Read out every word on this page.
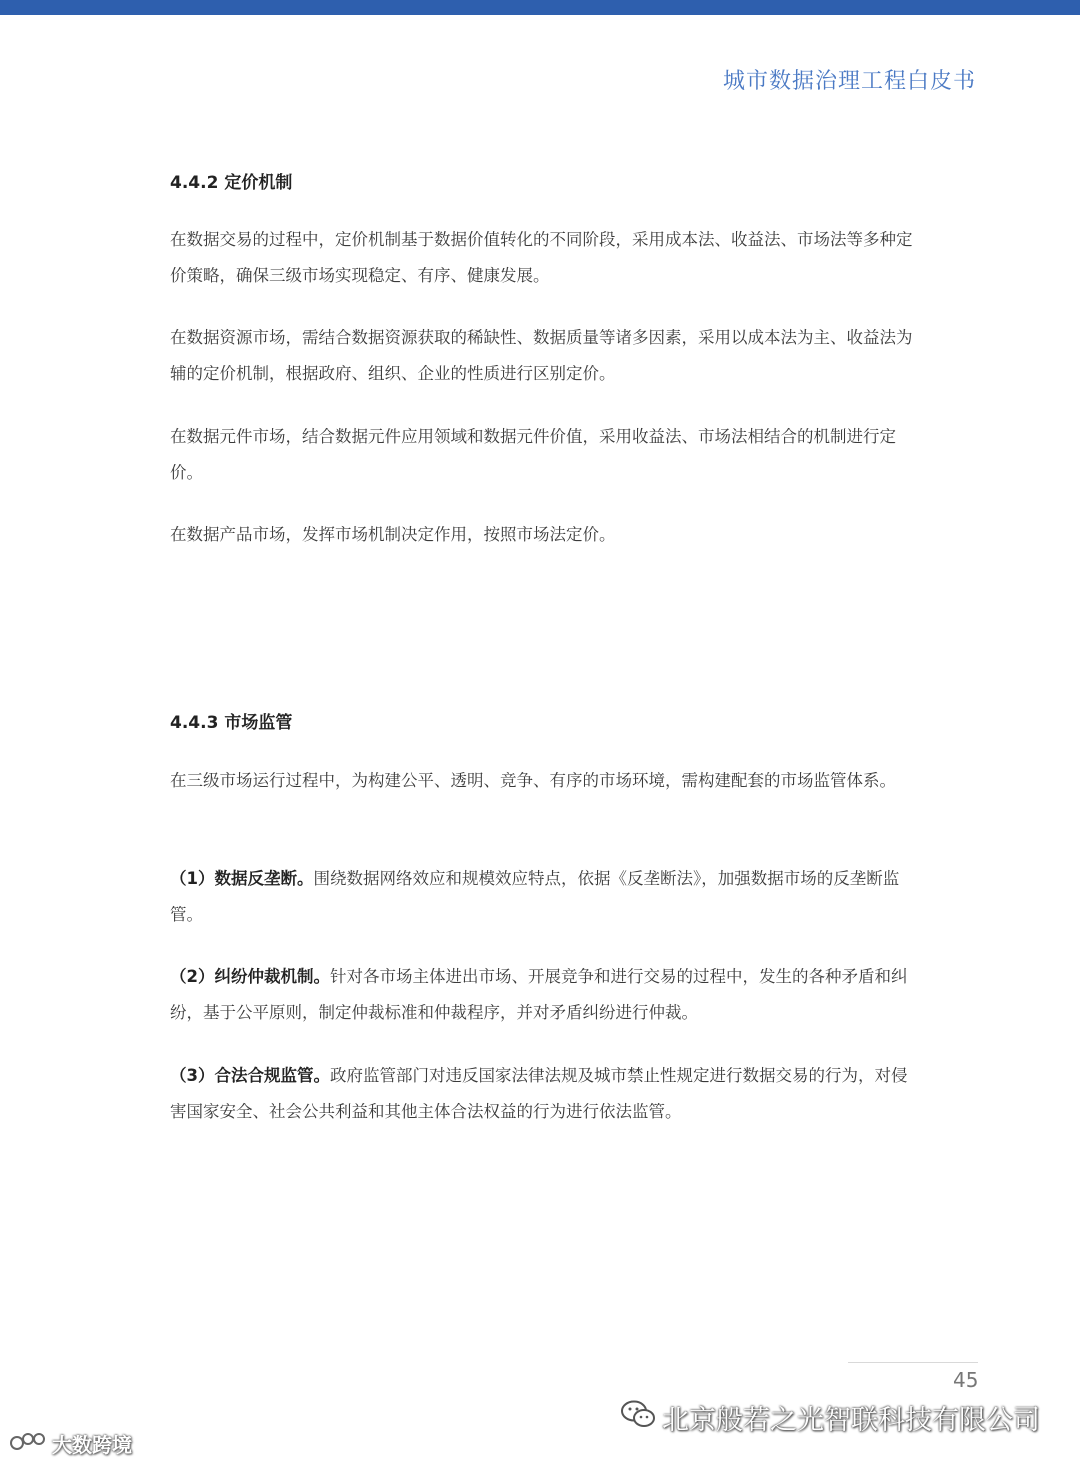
城市数据治理工程白皮书
4.4.2 定价机制

在数据交易的过程中，定价机制基于数据价值转化的不同阶段，采用成本法、收益法、市场法等多种定价策略，确保三级市场实现稳定、有序、健康发展。

在数据资源市场，需结合数据资源获取的稀缺性、数据质量等诸多因素，采用以成本法为主、收益法为辅的定价机制，根据政府、组织、企业的性质进行区别定价。

在数据元件市场，结合数据元件应用领域和数据元件价值，采用收益法、市场法相结合的机制进行定价。

在数据产品市场，发挥市场机制决定作用，按照市场法定价。

4.4.3 市场监管

在三级市场运行过程中，为构建公平、透明、竞争、有序的市场环境，需构建配套的市场监管体系。

（1）数据反垄断。围绕数据网络效应和规模效应特点，依据《反垄断法》，加强数据市场的反垄断监管。

（2）纠纷仲裁机制。针对各市场主体进出市场、开展竞争和进行交易的过程中，发生的各种矛盾和纠纷，基于公平原则，制定仲裁标准和仲裁程序，并对矛盾纠纷进行仲裁。

（3）合法合规监管。政府监管部门对违反国家法律法规及城市禁止性规定进行数据交易的行为，对侵害国家安全、社会公共利益和其他主体合法权益的行为进行依法监管。

45
北京般若之光智联科技有限公司
大数跨境
